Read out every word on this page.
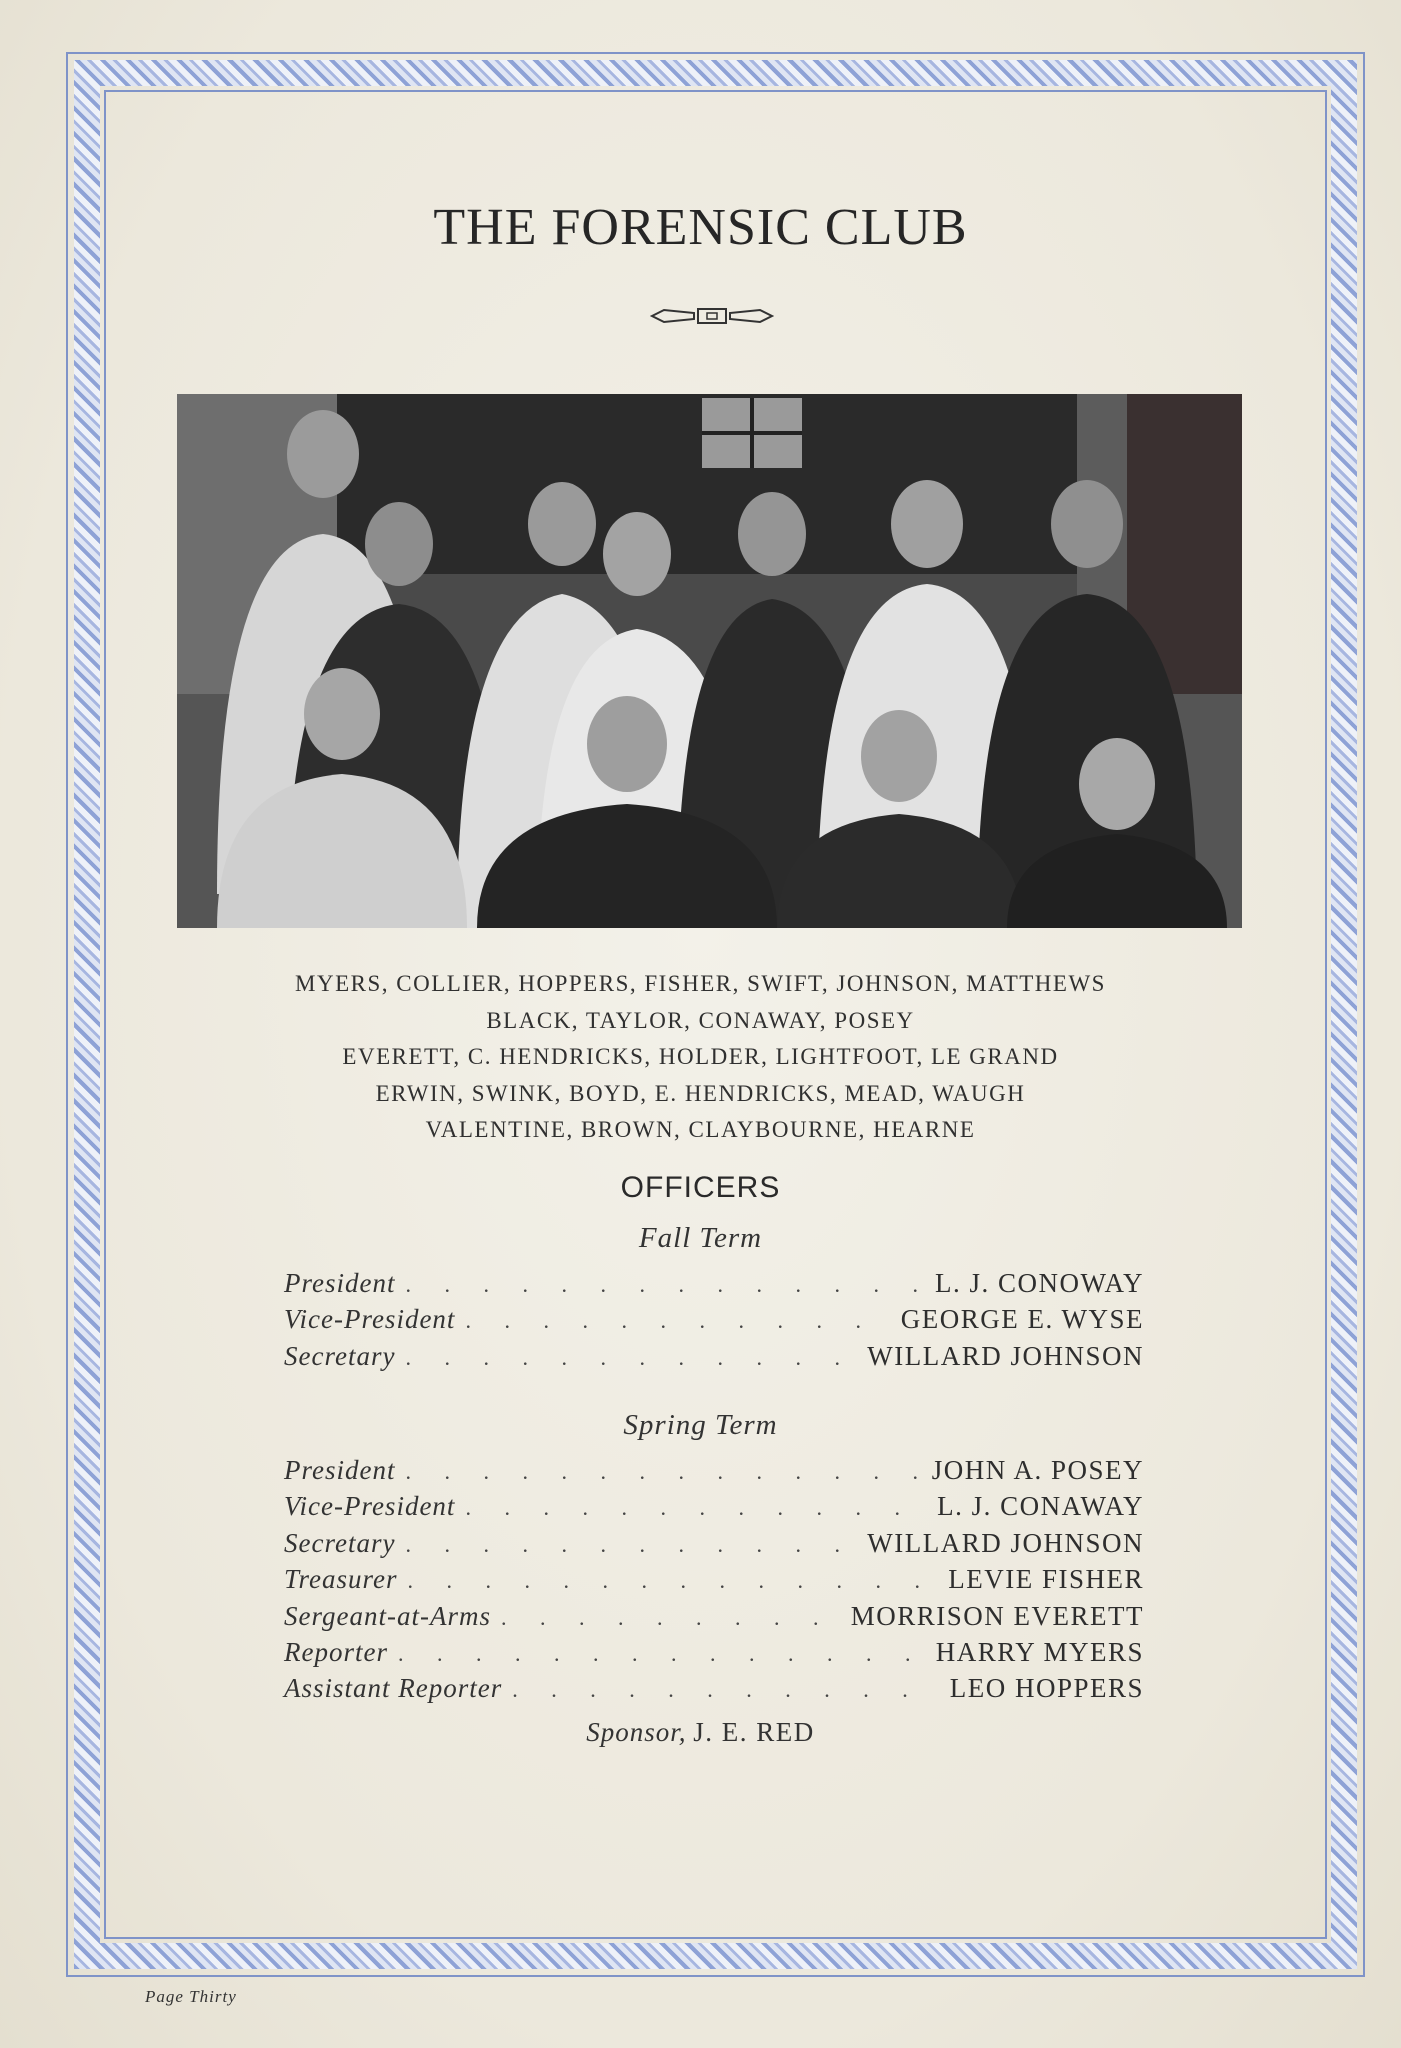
THE FORENSIC CLUB
MYERS, COLLIER, HOPPERS, FISHER, SWIFT, JOHNSON, MATTHEWS
BLACK, TAYLOR, CONAWAY, POSEY
EVERETT, C. HENDRICKS, HOLDER, LIGHTFOOT, LE GRAND
ERWIN, SWINK, BOYD, E. HENDRICKS, MEAD, WAUGH
VALENTINE, BROWN, CLAYBOURNE, HEARNE
OFFICERS
Fall Term
President . . .	L. J. CONOWAY
Vice-President . . .	GEORGE E. WYSE
Secretary . . .	WILLARD JOHNSON
Spring Term
President . . .	JOHN A. POSEY
Vice-President . . .	L. J. CONAWAY
Secretary . . .	WILLARD JOHNSON
Treasurer . . .	LEVIE FISHER
Sergeant-at-Arms . . .	MORRISON EVERETT
Reporter . . .	HARRY MYERS
Assistant Reporter . . .	LEO HOPPERS
Sponsor, J. E. RED
Page Thirty
